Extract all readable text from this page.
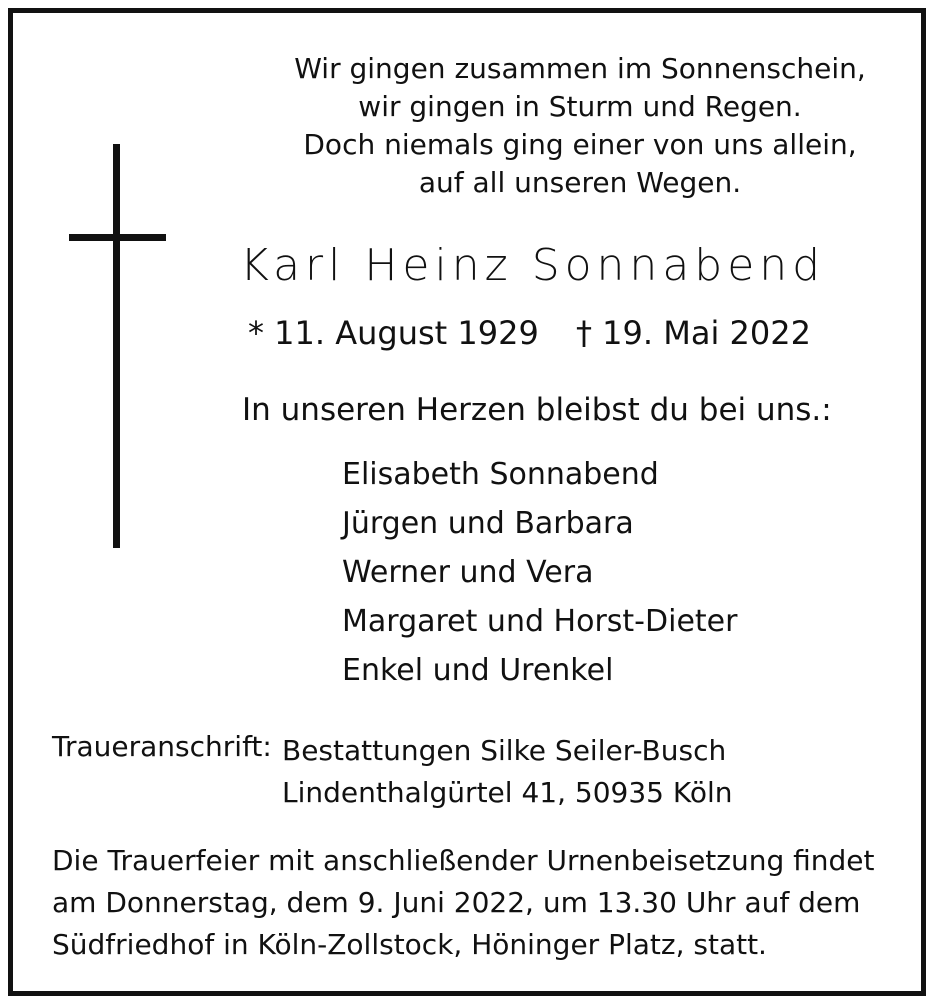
Wir gingen zusammen im Sonnenschein,
wir gingen in Sturm und Regen.
Doch niemals ging einer von uns allein,
auf all unseren Wegen.
Karl Heinz Sonnabend
* 11. August 1929 † 19. Mai 2022
In unseren Herzen bleibst du bei uns.:
Elisabeth Sonnabend
Jürgen und Barbara
Werner und Vera
Margaret und Horst-Dieter
Enkel und Urenkel
Traueranschrift: Bestattungen Silke Seiler-Busch
Lindenthalgürtel 41, 50935 Köln
Die Trauerfeier mit anschließender Urnenbeisetzung findet
am Donnerstag, dem 9. Juni 2022, um 13.30 Uhr auf dem
Südfriedhof in Köln-Zollstock, Höninger Platz, statt.
